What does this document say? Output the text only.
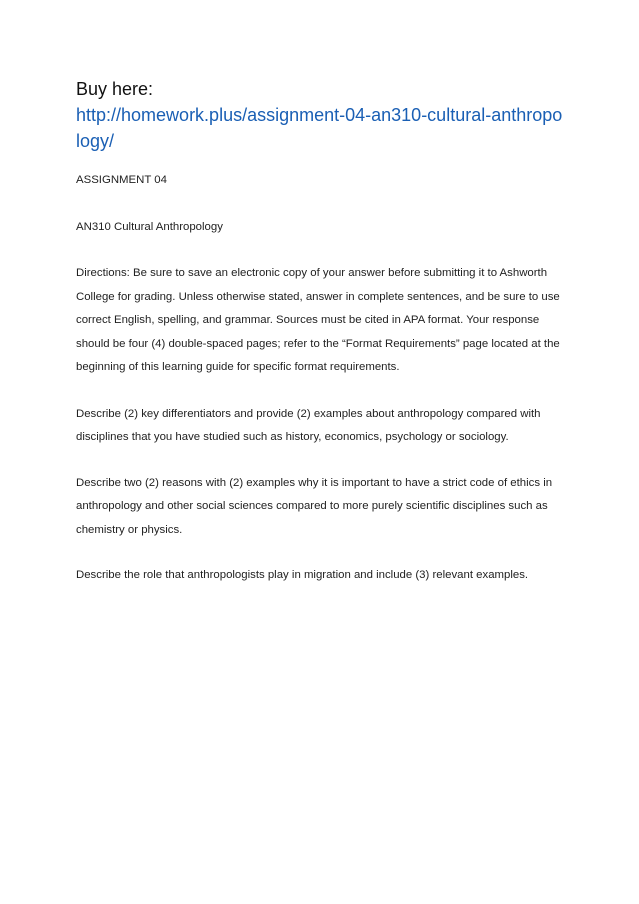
Buy here:

http://homework.plus/assignment-04-an310-cultural-anthropology/

ASSIGNMENT 04

AN310 Cultural Anthropology

Directions: Be sure to save an electronic copy of your answer before submitting it to Ashworth College for grading. Unless otherwise stated, answer in complete sentences, and be sure to use correct English, spelling, and grammar. Sources must be cited in APA format. Your response should be four (4) double-spaced pages; refer to the “Format Requirements” page located at the beginning of this learning guide for specific format requirements.

Describe (2) key differentiators and provide (2) examples about anthropology compared with disciplines that you have studied such as history, economics, psychology or sociology.

Describe two (2) reasons with (2) examples why it is important to have a strict code of ethics in anthropology and other social sciences compared to more purely scientific disciplines such as chemistry or physics.

Describe the role that anthropologists play in migration and include (3) relevant examples.
